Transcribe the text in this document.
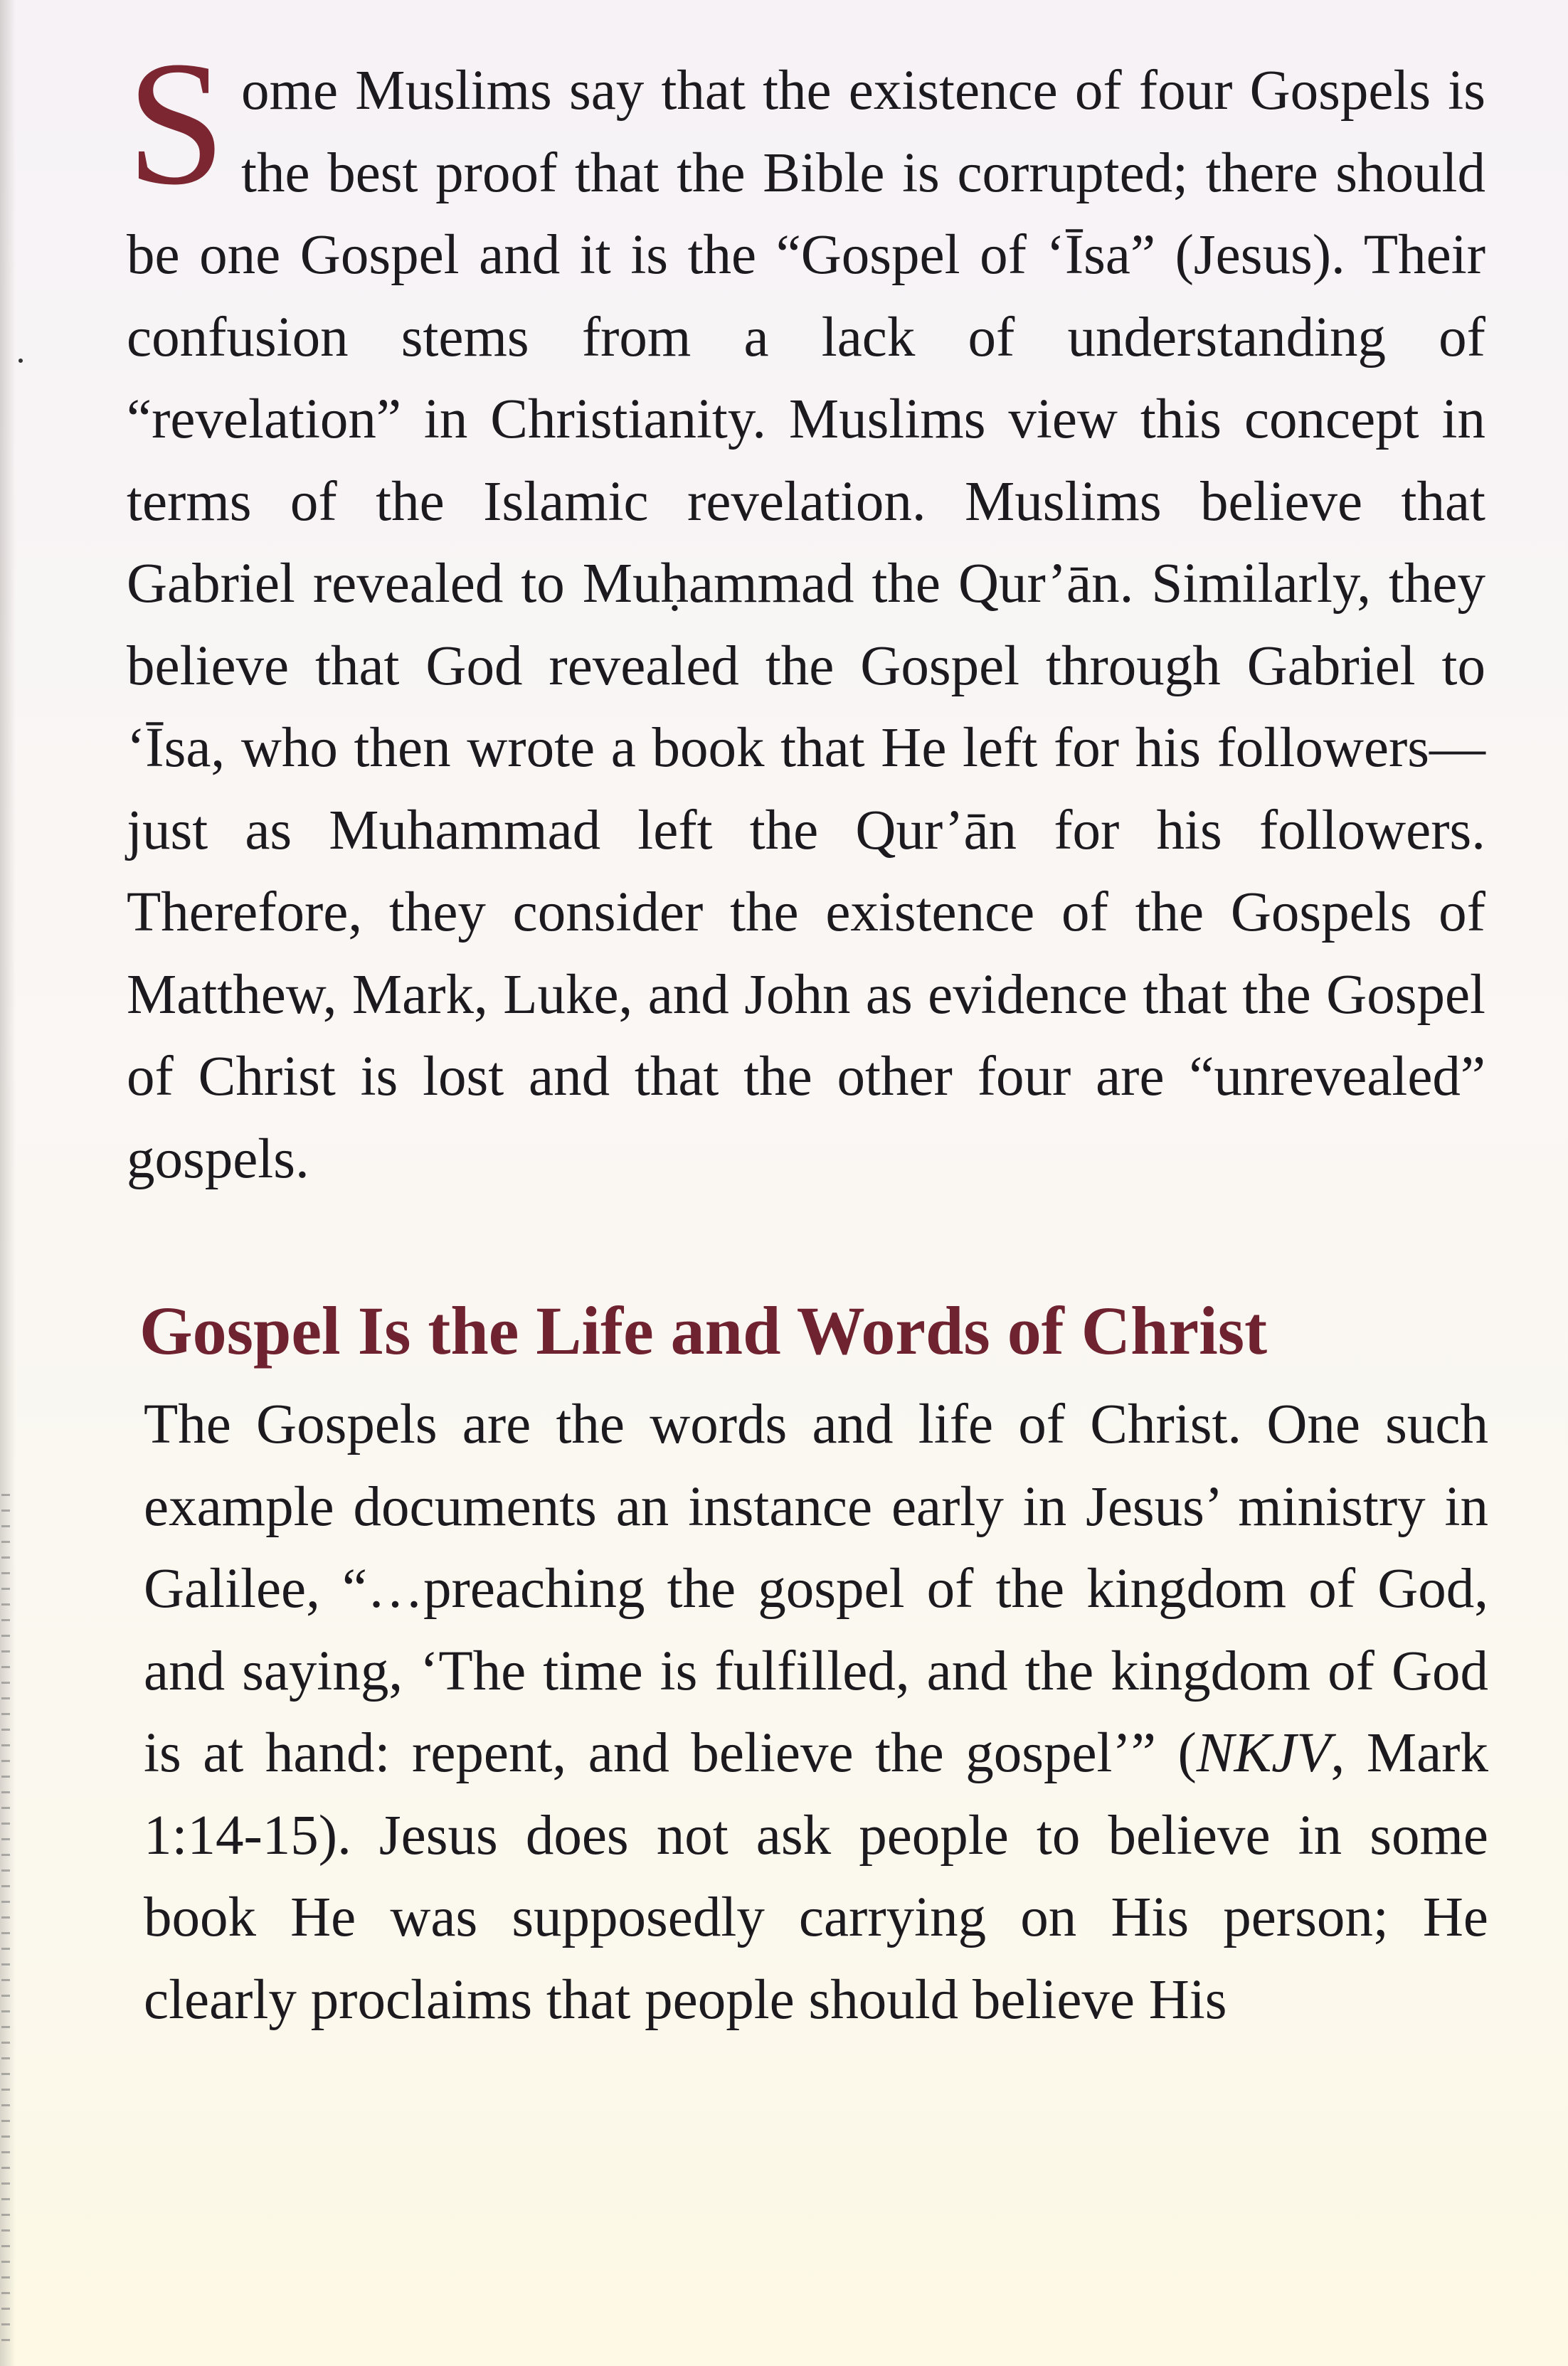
Some Muslims say that the existence of four Gospels is the best proof that the Bible is corrupted; there should be one Gospel and it is the “Gospel of ‘Īsa” (Jesus). Their confusion stems from a lack of understanding of “revelation” in Christianity. Muslims view this concept in terms of the Islamic revelation. Muslims believe that Gabriel revealed to Muḥammad the Qur’ān. Similarly, they believe that God revealed the Gospel through Gabriel to ‘Īsa, who then wrote a book that He left for his followers—just as Muhammad left the Qur’ān for his followers. Therefore, they consider the existence of the Gospels of Matthew, Mark, Luke, and John as evidence that the Gospel of Christ is lost and that the other four are “unrevealed” gospels.

Gospel Is the Life and Words of Christ

The Gospels are the words and life of Christ. One such example documents an instance early in Jesus’ ministry in Galilee, “…preaching the gospel of the kingdom of God, and saying, ‘The time is fulfilled, and the kingdom of God is at hand: repent, and believe the gospel’” (NKJV, Mark 1:14-15). Jesus does not ask people to believe in some book He was supposedly carrying on His person; He clearly proclaims that people should believe His
